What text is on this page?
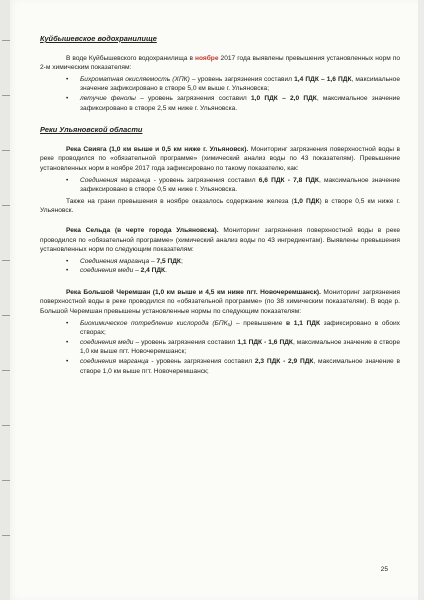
Куйбышевское водохранилище

В воде Куйбышевского водохранилища в ноябре 2017 года выявлены превышения установленных норм по 2-м химическим показателям:

• Бихроматная окисляемость (ХПК) – уровень загрязнения составил 1,4 ПДК – 1,6 ПДК, максимальное значение зафиксировано в створе 5,0 км выше г. Ульяновска;
• летучие фенолы – уровень загрязнения составил 1,0 ПДК – 2,0 ПДК, максимальное значение зафиксировано в створе 2,5 км ниже г. Ульяновска.

Реки Ульяновской области

Река Свияга (1,0 км выше и 0,5 км ниже г. Ульяновск). Мониторинг загрязнения поверхностной воды в реке проводился по «обязательной программе» (химический анализ воды по 43 показателям). Превышение установленных норм в ноябре 2017 года зафиксировано по такому показателю, как:

• Соединения марганца - уровень загрязнения составил 6,6 ПДК - 7,8 ПДК, максимальное значение зафиксировано в створе 0,5 км ниже г. Ульяновска.

Также на грани превышения в ноябре оказалось содержание железа (1,0 ПДК) в створе 0,5 км ниже г. Ульяновск.

Река Сельда (в черте города Ульяновска). Мониторинг загрязнения поверхностной воды в реке проводился по «обязательной программе» (химический анализ воды по 43 ингредиентам). Выявлены превышения установленных норм по следующим показателям:

• Соединения марганца – 7,5 ПДК;
• соединения меди – 2,4 ПДК.

Река Большой Черемшан (1,0 км выше и 4,5 км ниже пгт. Новочеремшанск). Мониторинг загрязнения поверхностной воды в реке проводился по «обязательной программе» (по 38 химическим показателям). В воде р. Большой Черемшан превышены установленные нормы по следующим показателям:

• Биохимическое потребление кислорода (БПК₅) – превышение в 1,1 ПДК зафиксировано в обоих створах;
• соединения меди – уровень загрязнения составил 1,1 ПДК - 1,6 ПДК, максимальное значение в створе 1,0 км выше пгт. Новочеремшанск;
• соединения марганца - уровень загрязнения составил 2,3 ПДК - 2,9 ПДК, максимальное значение в створе 1,0 км выше пгт. Новочеремшанск;
25
